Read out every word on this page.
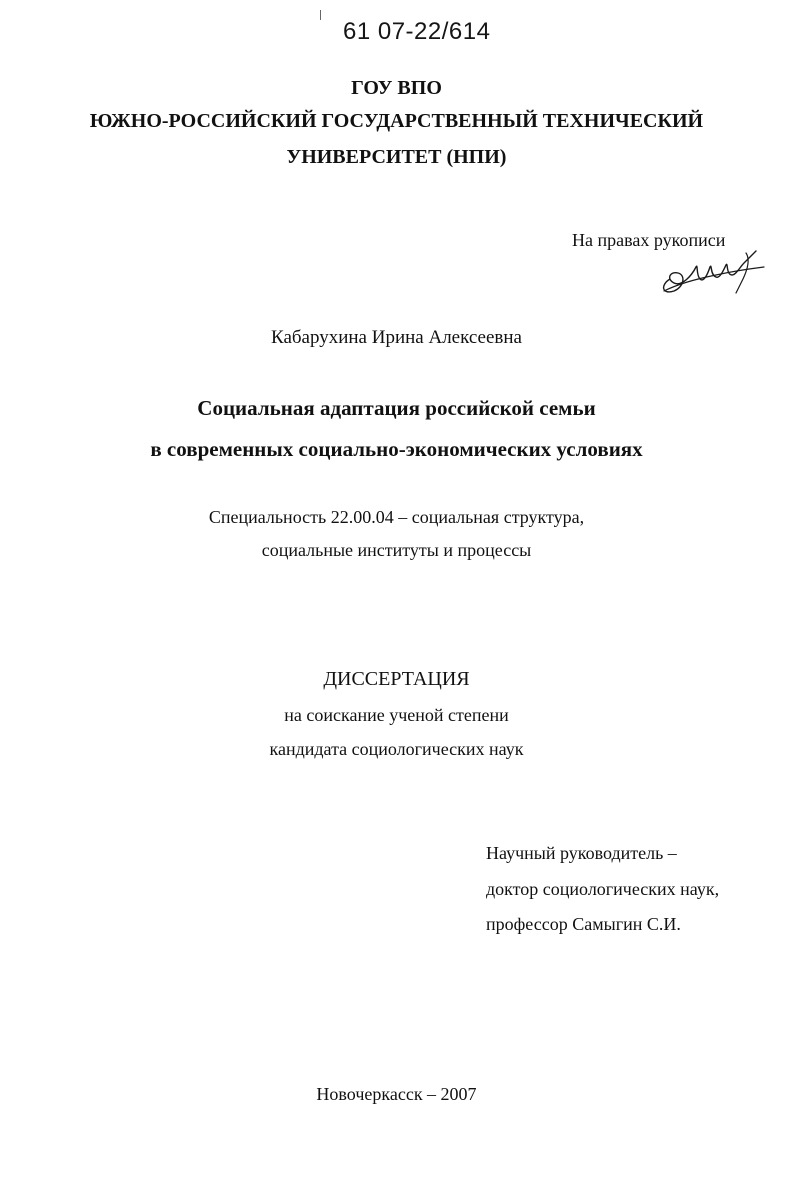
61 07-22/614
ГОУ ВПО
ЮЖНО-РОССИЙСКИЙ ГОСУДАРСТВЕННЫЙ ТЕХНИЧЕСКИЙ
УНИВЕРСИТЕТ (НПИ)
На правах рукописи
Кабарухина Ирина Алексеевна
Социальная адаптация российской семьи
в современных социально-экономических условиях
Специальность 22.00.04 – социальная структура,
социальные институты и процессы
ДИССЕРТАЦИЯ
на соискание ученой степени
кандидата социологических наук
Научный руководитель –
доктор социологических наук,
профессор Самыгин С.И.
Новочеркасск – 2007
